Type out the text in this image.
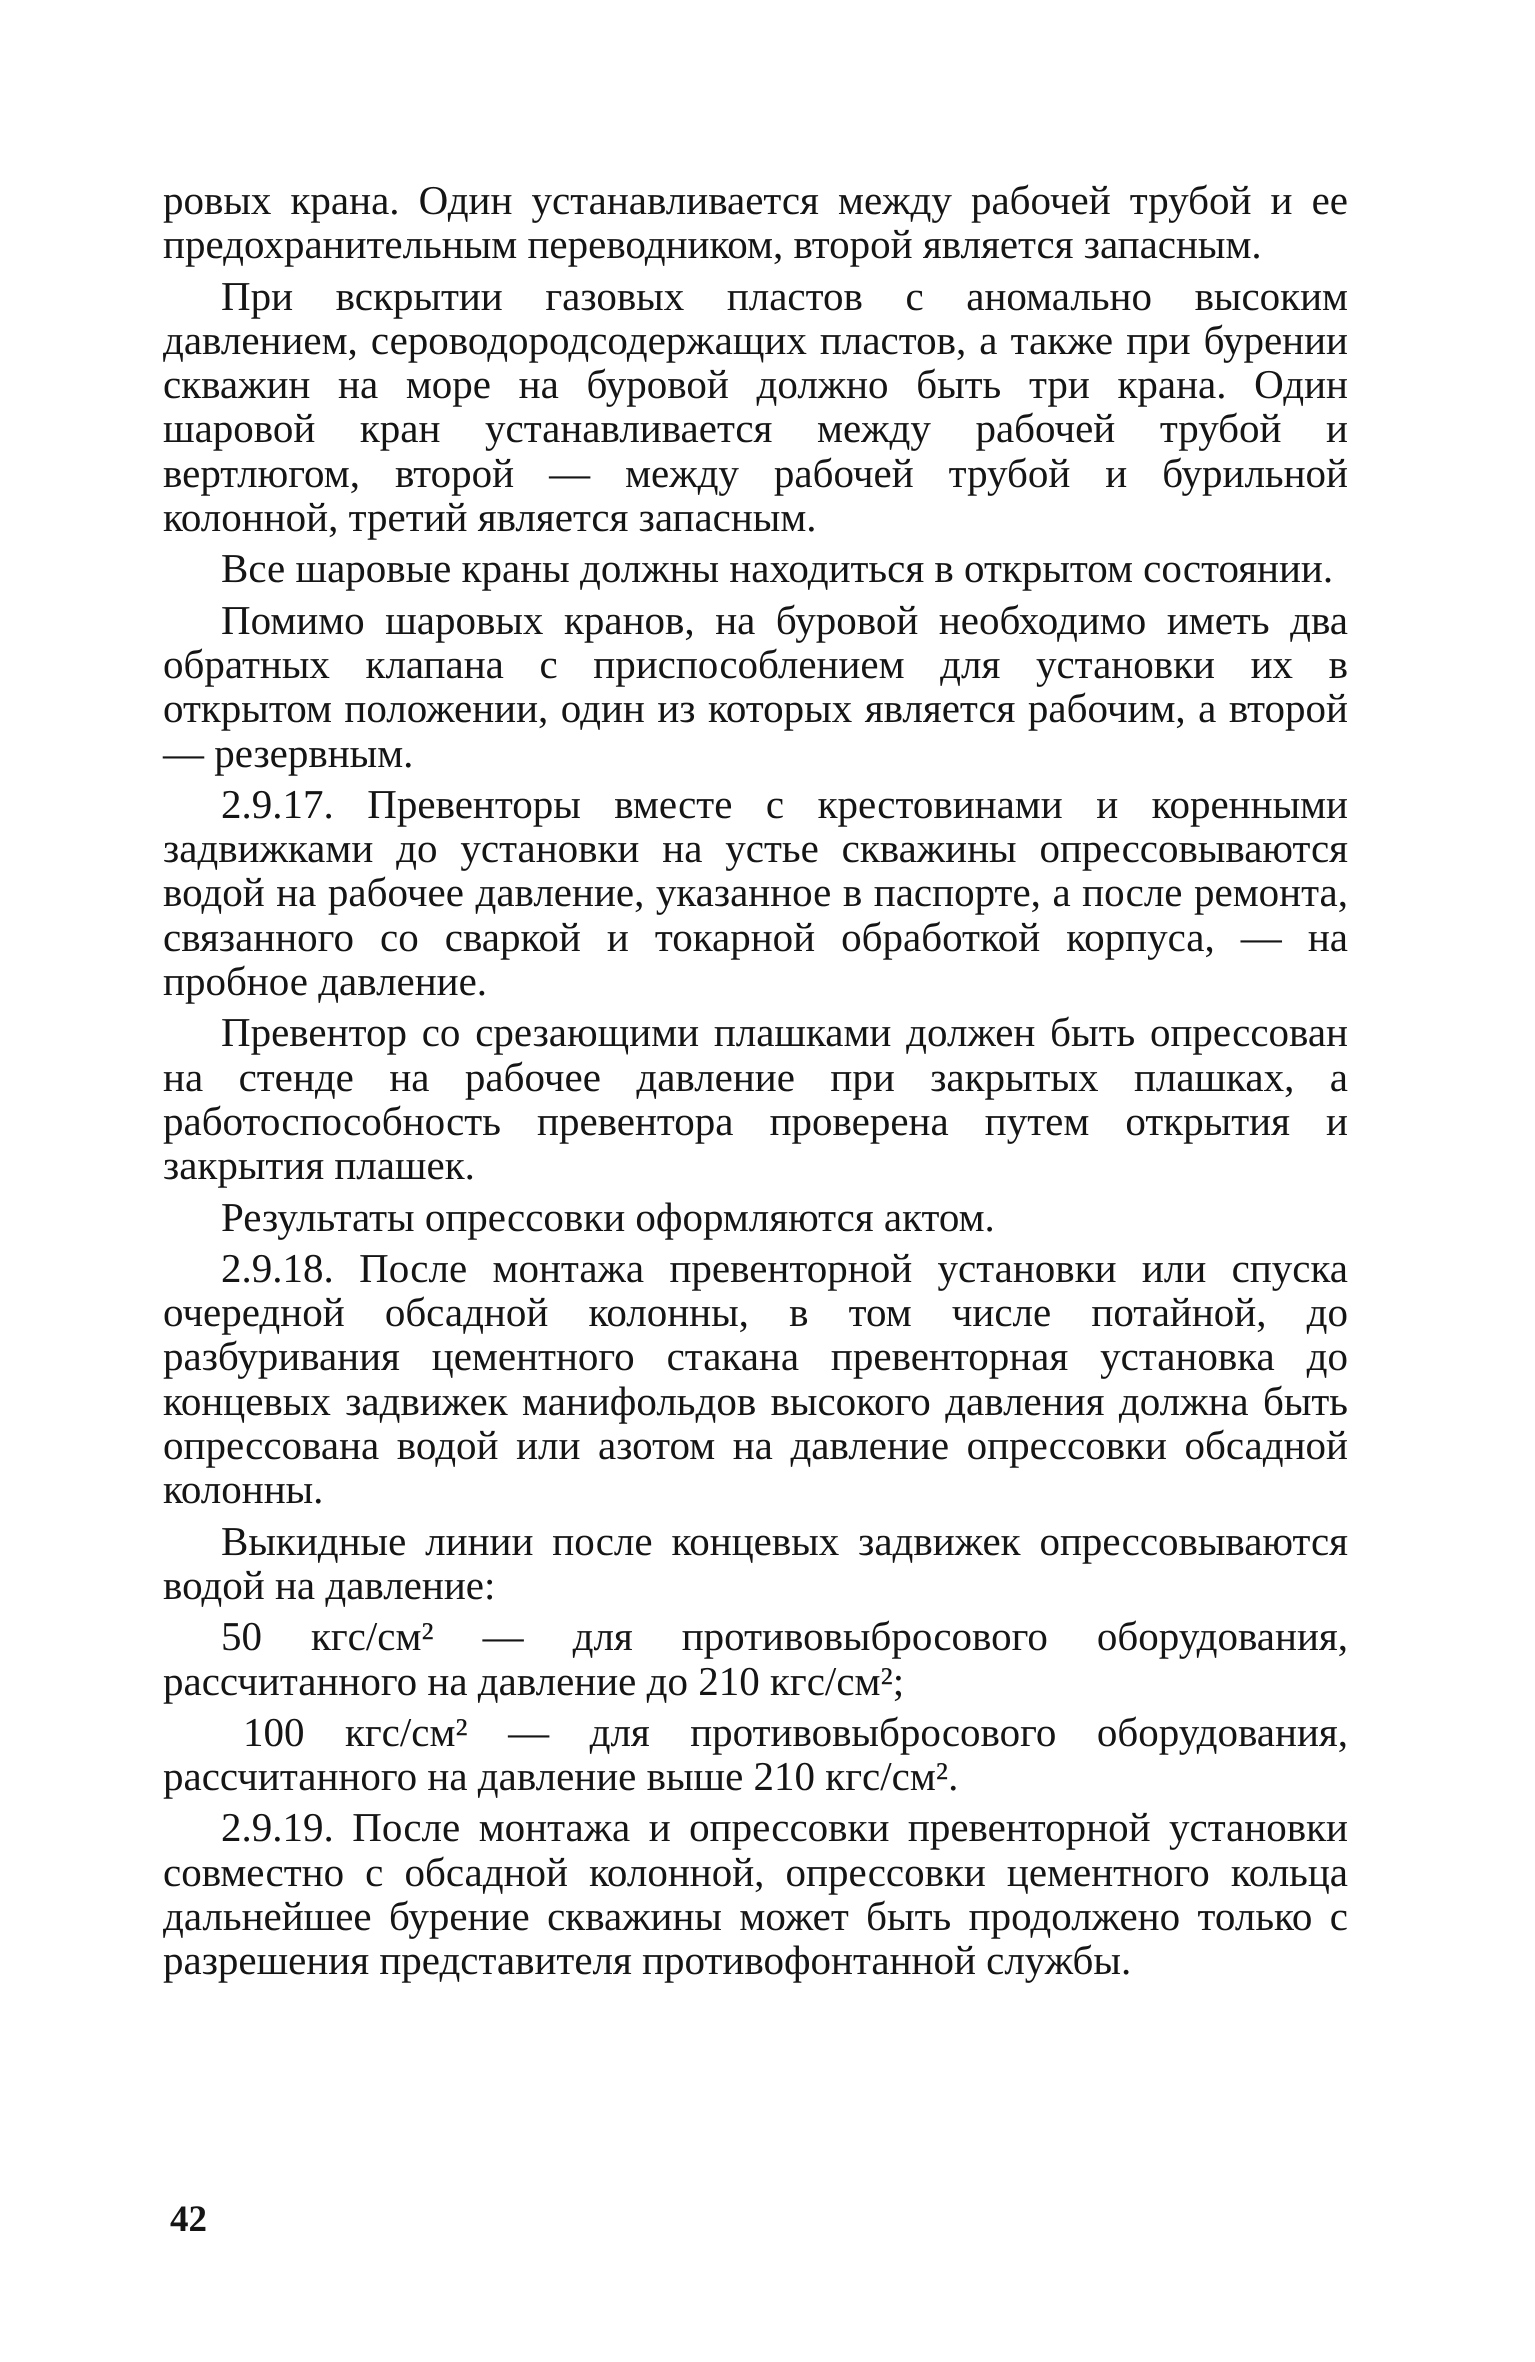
ровых крана. Один устанавливается между рабочей трубой и ее предохранительным переводником, второй является запасным.

При вскрытии газовых пластов с аномально высоким давлением, сероводородсодержащих пластов, а также при бурении скважин на море на буровой должно быть три крана. Один шаровой кран устанавливается между рабочей трубой и вертлюгом, второй — между рабочей трубой и бурильной колонной, третий является запасным.

Все шаровые краны должны находиться в открытом состоянии.

Помимо шаровых кранов, на буровой необходимо иметь два обратных клапана с приспособлением для установки их в открытом положении, один из которых является рабочим, а второй — резервным.

2.9.17. Превенторы вместе с крестовинами и коренными задвижками до установки на устье скважины опрессовываются водой на рабочее давление, указанное в паспорте, а после ремонта, связанного со сваркой и токарной обработкой корпуса, — на пробное давление.

Превентор со срезающими плашками должен быть опрессован на стенде на рабочее давление при закрытых плашках, а работоспособность превентора проверена путем открытия и закрытия плашек.

Результаты опрессовки оформляются актом.

2.9.18. После монтажа превенторной установки или спуска очередной обсадной колонны, в том числе потайной, до разбуривания цементного стакана превенторная установка до концевых задвижек манифольдов высокого давления должна быть опрессована водой или азотом на давление опрессовки обсадной колонны.

Выкидные линии после концевых задвижек опрессовываются водой на давление:

50 кгс/см² — для противовыбросового оборудования, рассчитанного на давление до 210 кгс/см²;

100 кгс/см² — для противовыбросового оборудования, рассчитанного на давление выше 210 кгс/см².

2.9.19. После монтажа и опрессовки превенторной установки совместно с обсадной колонной, опрессовки цементного кольца дальнейшее бурение скважины может быть продолжено только с разрешения представителя противофонтанной службы.

42
